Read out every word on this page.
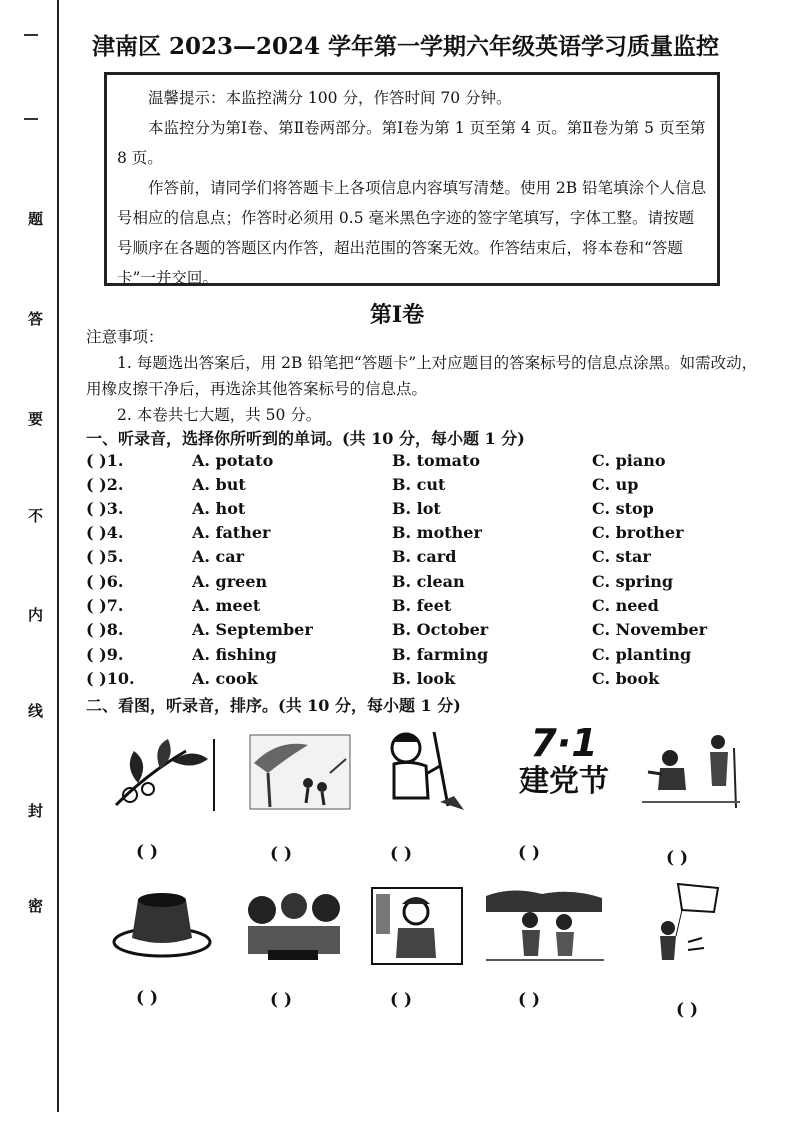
题
答
要
不
内
线
封
密
津南区 2023—2024 学年第一学期六年级英语学习质量监控

温馨提示：本监控满分 100 分，作答时间 70 分钟。

本监控分为第Ⅰ卷、第Ⅱ卷两部分。第Ⅰ卷为第 1 页至第 4 页。第Ⅱ卷为第 5 页至第 8 页。

作答前，请同学们将答题卡上各项信息内容填写清楚。使用 2B 铅笔填涂个人信息号相应的信息点；作答时必须用 0.5 毫米黑色字迹的签字笔填写，字体工整。请按题号顺序在各题的答题区内作答，超出范围的答案无效。作答结束后，将本卷和“答题卡”一并交回。

第Ⅰ卷

注意事项：

1. 每题选出答案后，用 2B 铅笔把“答题卡”上对应题目的答案标号的信息点涂黑。如需改动，用橡皮擦干净后，再选涂其他答案标号的信息点。

2. 本卷共七大题，共 50 分。

一、听录音，选择你所听到的单词。(共 10 分，每小题 1 分)
( )1.	A. potato	B. tomato	C. piano
( )2.	A. but	B. cut	C. up
( )3.	A. hot	B. lot	C. stop
( )4.	A. father	B. mother	C. brother
( )5.	A. car	B. card	C. star
( )6.	A. green	B. clean	C. spring
( )7.	A. meet	B. feet	C. need
( )8.	A. September	B. October	C. November
( )9.	A. fishing	B. farming	C. planting
( )10.	A. cook	B. look	C. book
二、看图，听录音，排序。(共 10 分，每小题 1 分)
7·1
建党节
( )	( )	( )	( )	( )
( )	( )	( )	( )	( )
